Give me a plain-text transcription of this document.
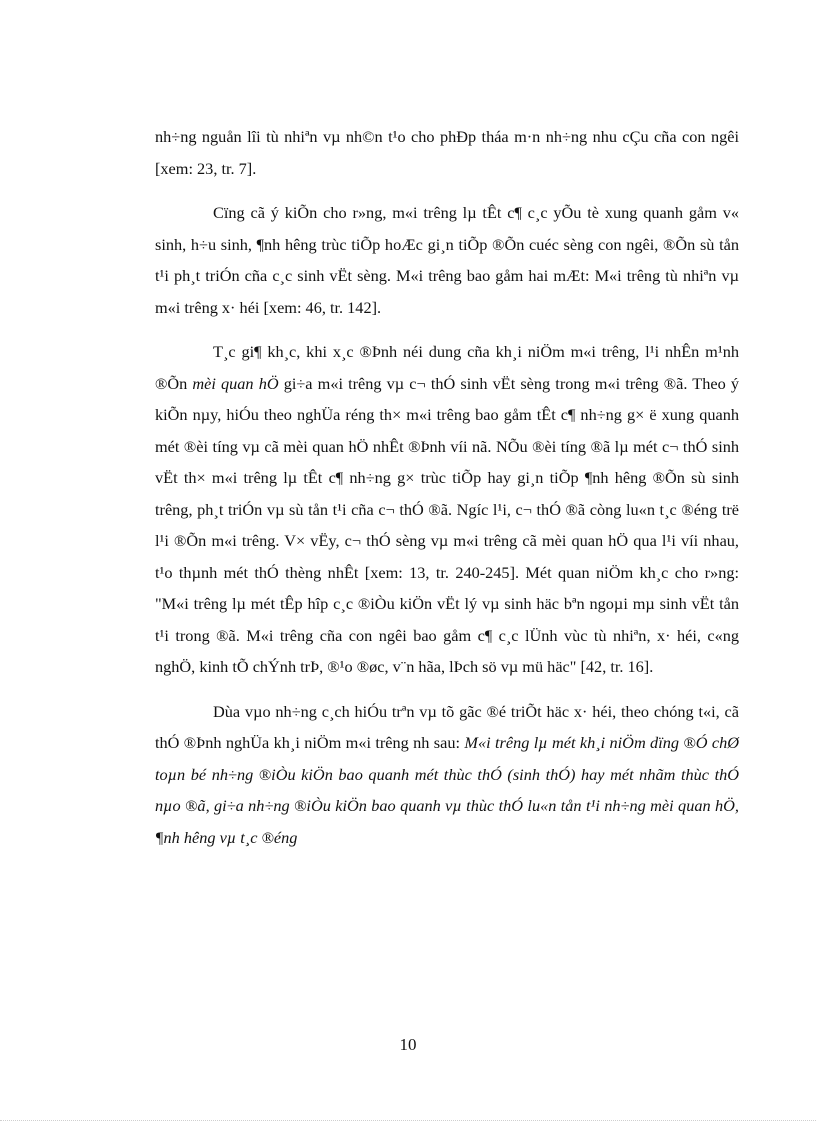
nh÷ng nguån lîi tù nhiªn vµ nh©n t¹o cho phÐp tháa m·n nh÷ng nhu cÇu cña con ngêi [xem: 23, tr. 7].

Cïng cã ý kiÕn cho r»ng, m«i trêng lµ tÊt c¶ c¸c yÕu tè xung quanh gåm v« sinh, h÷u sinh, ¶nh hêng trùc tiÕp hoÆc gi¸n tiÕp ®Õn cuéc sèng con ngêi, ®Õn sù tån t¹i ph¸t triÓn cña c¸c sinh vËt sèng. M«i trêng bao gåm hai mÆt: M«i trêng tù nhiªn vµ m«i trêng x· héi [xem: 46, tr. 142].

T¸c gi¶ kh¸c, khi x¸c ®Þnh néi dung cña kh¸i niÖm m«i trêng, l¹i nhÊn m¹nh ®Õn mèi quan hÖ gi÷a m«i trêng vµ c¬ thÓ sinh vËt sèng trong m«i trêng ®ã. Theo ý kiÕn nµy, hiÓu theo nghÜa réng th× m«i trêng bao gåm tÊt c¶ nh÷ng g× ë xung quanh mét ®èi tíng vµ cã mèi quan hÖ nhÊt ®Þnh víi nã. NÕu ®èi tíng ®ã lµ mét c¬ thÓ sinh vËt th× m«i trêng lµ tÊt c¶ nh÷ng g× trùc tiÕp hay gi¸n tiÕp ¶nh hêng ®Õn sù sinh trêng, ph¸t triÓn vµ sù tån t¹i cña c¬ thÓ ®ã. Ngíc l¹i, c¬ thÓ ®ã còng lu«n t¸c ®éng trë l¹i ®Õn m«i trêng. V× vËy, c¬ thÓ sèng vµ m«i trêng cã mèi quan hÖ qua l¹i víi nhau, t¹o thµnh mét thÓ thèng nhÊt [xem: 13, tr. 240-245]. Mét quan niÖm kh¸c cho r»ng: "M«i trêng lµ mét tÊp hîp c¸c ®iÒu kiÖn vËt lý vµ sinh häc bªn ngoµi mµ sinh vËt tån t¹i trong ®ã. M«i trêng cña con ngêi bao gåm c¶ c¸c lÜnh vùc tù nhiªn, x· héi, c«ng nghÖ, kinh tÕ chÝnh trÞ, ®¹o ®øc, v¨n hãa, lÞch sö vµ mü häc" [42, tr. 16].

Dùa vµo nh÷ng c¸ch hiÓu trªn vµ tõ gãc ®é triÕt häc x· héi, theo chóng t«i, cã thÓ ®Þnh nghÜa kh¸i niÖm m«i trêng nh sau: M«i trêng lµ mét kh¸i niÖm dïng ®Ó chØ toµn bé nh÷ng ®iÒu kiÖn bao quanh mét thùc thÓ (sinh thÓ) hay mét nhãm thùc thÓ nµo ®ã, gi÷a nh÷ng ®iÒu kiÖn bao quanh vµ thùc thÓ lu«n tån t¹i nh÷ng mèi quan hÖ, ¶nh hêng vµ t¸c ®éng

10
